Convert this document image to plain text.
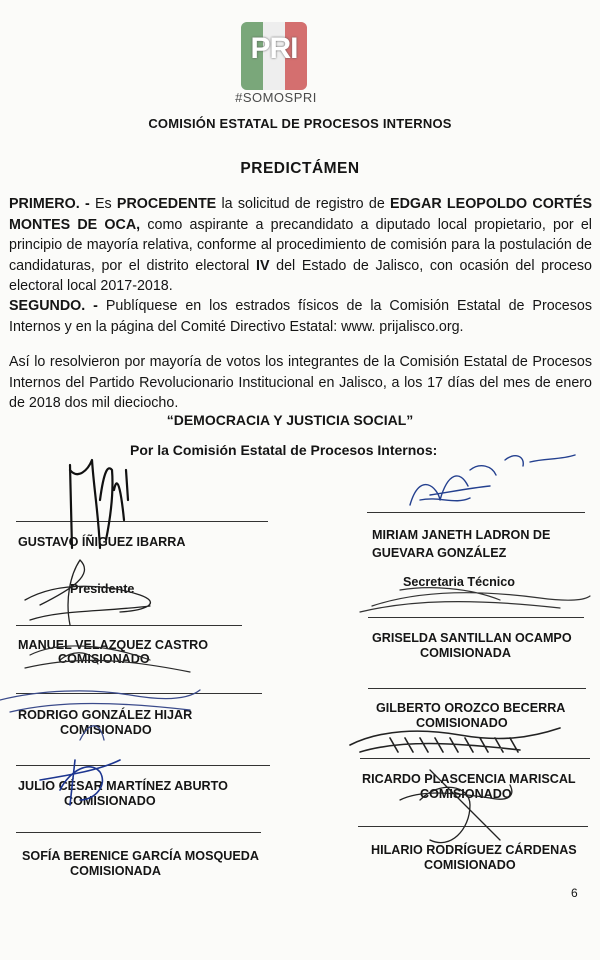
PRI
#SOMOSPRI
COMISIÓN ESTATAL DE PROCESOS INTERNOS
PREDICTÁMEN
PRIMERO. - Es PROCEDENTE la solicitud de registro de EDGAR LEOPOLDO CORTÉS MONTES DE OCA, como aspirante a precandidato a diputado local propietario, por el principio de mayoría relativa, conforme al procedimiento de comisión para la postulación de candidaturas, por el distrito electoral IV del Estado de Jalisco, con ocasión del proceso electoral local 2017-2018.
SEGUNDO. - Publíquese en los estrados físicos de la Comisión Estatal de Procesos Internos y en la página del Comité Directivo Estatal: www. prijalisco.org.
Así lo resolvieron por mayoría de votos los integrantes de la Comisión Estatal de Procesos Internos del Partido Revolucionario Institucional en Jalisco, a los 17 días del mes de enero de 2018 dos mil dieciocho.
“DEMOCRACIA Y JUSTICIA SOCIAL”
Por la Comisión Estatal de Procesos Internos:
GUSTAVO ÍÑIGUEZ IBARRA
Presidente
MIRIAM JANETH LADRON DE
GUEVARA GONZÁLEZ
Secretaria Técnico
MANUEL VELAZQUEZ CASTRO
COMISIONADO
GRISELDA SANTILLAN OCAMPO
COMISIONADA
RODRIGO GONZÁLEZ HIJAR
COMISIONADO
GILBERTO OROZCO BECERRA
COMISIONADO
JULIO CÉSAR MARTÍNEZ ABURTO
COMISIONADO
RICARDO PLASCENCIA MARISCAL
COMISIONADO
SOFÍA BERENICE GARCÍA MOSQUEDA
COMISIONADA
HILARIO RODRÍGUEZ CÁRDENAS
COMISIONADO
6
